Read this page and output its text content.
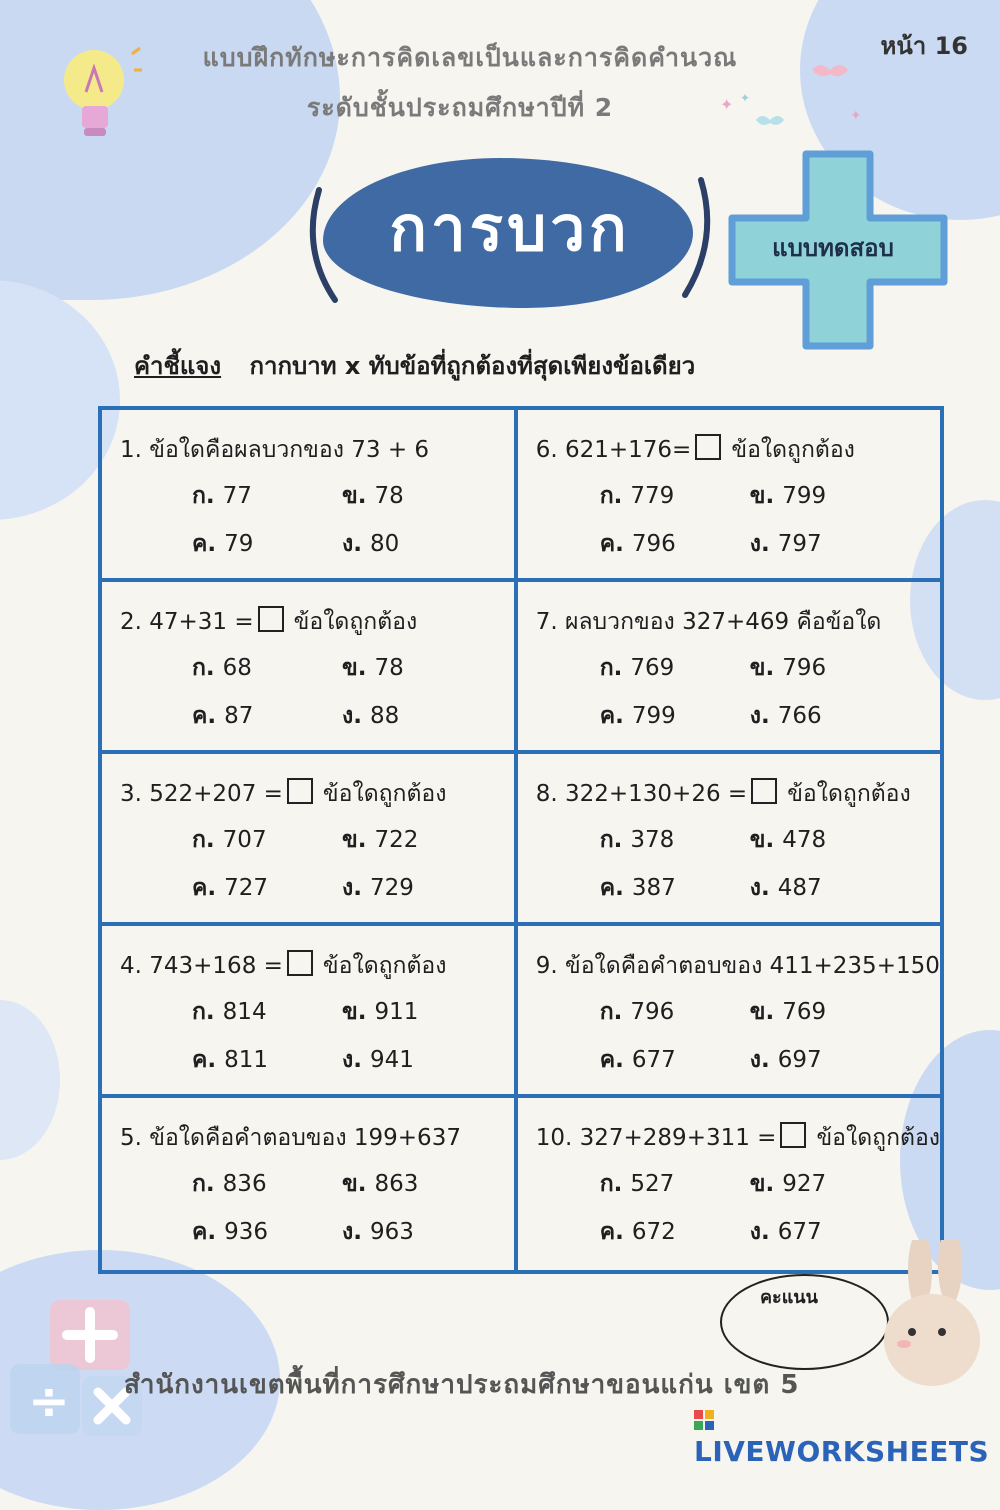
✦ ✦
✦
แบบฝึกทักษะการคิดเลขเป็นและการคิดคำนวณ
ระดับชั้นประถมศึกษาปีที่ 2
หน้า 16
การบวก	แบบทดสอบ
คำชี้แจง กากบาท x ทับข้อที่ถูกต้องที่สุดเพียงข้อเดียว
1. ข้อใดคือผลบวกของ 73 + 6
ก. 77	ข. 78
ค. 79	ง. 80
6. 621+176= ข้อใดถูกต้อง
ก. 779	ข. 799
ค. 796	ง. 797
2. 47+31 = ข้อใดถูกต้อง
ก. 68	ข. 78
ค. 87	ง. 88
7. ผลบวกของ 327+469 คือข้อใด
ก. 769	ข. 796
ค. 799	ง. 766
3. 522+207 = ข้อใดถูกต้อง
ก. 707	ข. 722
ค. 727	ง. 729
8. 322+130+26 = ข้อใดถูกต้อง
ก. 378	ข. 478
ค. 387	ง. 487
4. 743+168 = ข้อใดถูกต้อง
ก. 814	ข. 911
ค. 811	ง. 941
9. ข้อใดคือคำตอบของ 411+235+150
ก. 796	ข. 769
ค. 677	ง. 697
5. ข้อใดคือคำตอบของ 199+637
ก. 836	ข. 863
ค. 936	ง. 963
10. 327+289+311 = ข้อใดถูกต้อง
ก. 527	ข. 927
ค. 672	ง. 677
คะแนน
÷ สำนักงานเขตพื้นที่การศึกษาประถมศึกษาขอนแก่น เขต 5
LIVEWORKSHEETS
